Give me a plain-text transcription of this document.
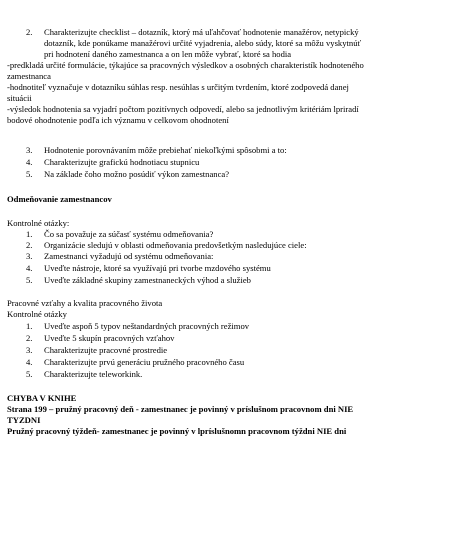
2. Charakterizujte checklist – dotazník, ktorý má uľahčovať hodnotenie manažérov, netypický
dotazník, kde ponúkame manažérovi určité vyjadrenia, alebo súdy, ktoré sa môžu vyskytnúť
pri hodnotení daného zamestnanca a on len môže vybrať, ktoré sa hodia
-predkladá určité formulácie, týkajúce sa pracovných výsledkov a osobných charakteristík hodnoteného
zamestnanca
-hodnotiteľ vyznačuje v dotazníku súhlas resp. nesúhlas s určitým tvrdením, ktoré zodpovedá danej
situácii
-výsledok hodnotenia sa vyjadrí počtom pozitívnych odpovedí, alebo sa jednotlivým kritériám lpriradí
bodové ohodnotenie podľa ich významu v celkovom ohodnotení
3. Hodnotenie porovnávaním môže prebiehať niekoľkými spôsobmi a to:
4. Charakterizujte grafickú hodnotiacu stupnicu
5. Na základe čoho možno posúdiť výkon zamestnanca?
Odmeňovanie zamestnancov
Kontrolné otázky:
1. Čo sa považuje za súčasť systému odmeňovania?
2. Organizácie sledujú v oblasti odmeňovania predovšetkým nasledujúce ciele:
3. Zamestnanci vyžadujú od systému odmeňovania:
4. Uveďte nástroje, ktoré sa využívajú pri tvorbe mzdového systému
5. Uveďte základné skupiny zamestnaneckých výhod a služieb
Pracovné vzťahy a kvalita pracovného života
Kontrolné otázky
1. Uveďte aspoň 5 typov neštandardných pracovných režimov
2. Uveďte 5 skupín pracovných vzťahov
3. Charakterizujte pracovné prostredie
4. Charakterizujte prvú generáciu pružného pracovného času
5. Charakterizujte teleworkink.
CHYBA V KNIHE
Strana 199 – pružný pracovný deň - zamestnanec je povinný v príslušnom pracovnom dni NIE
TYZDNI
Pružný pracovný týždeň- zamestnanec je povinný v lpríslušnomn pracovnom týždni NIE dni
